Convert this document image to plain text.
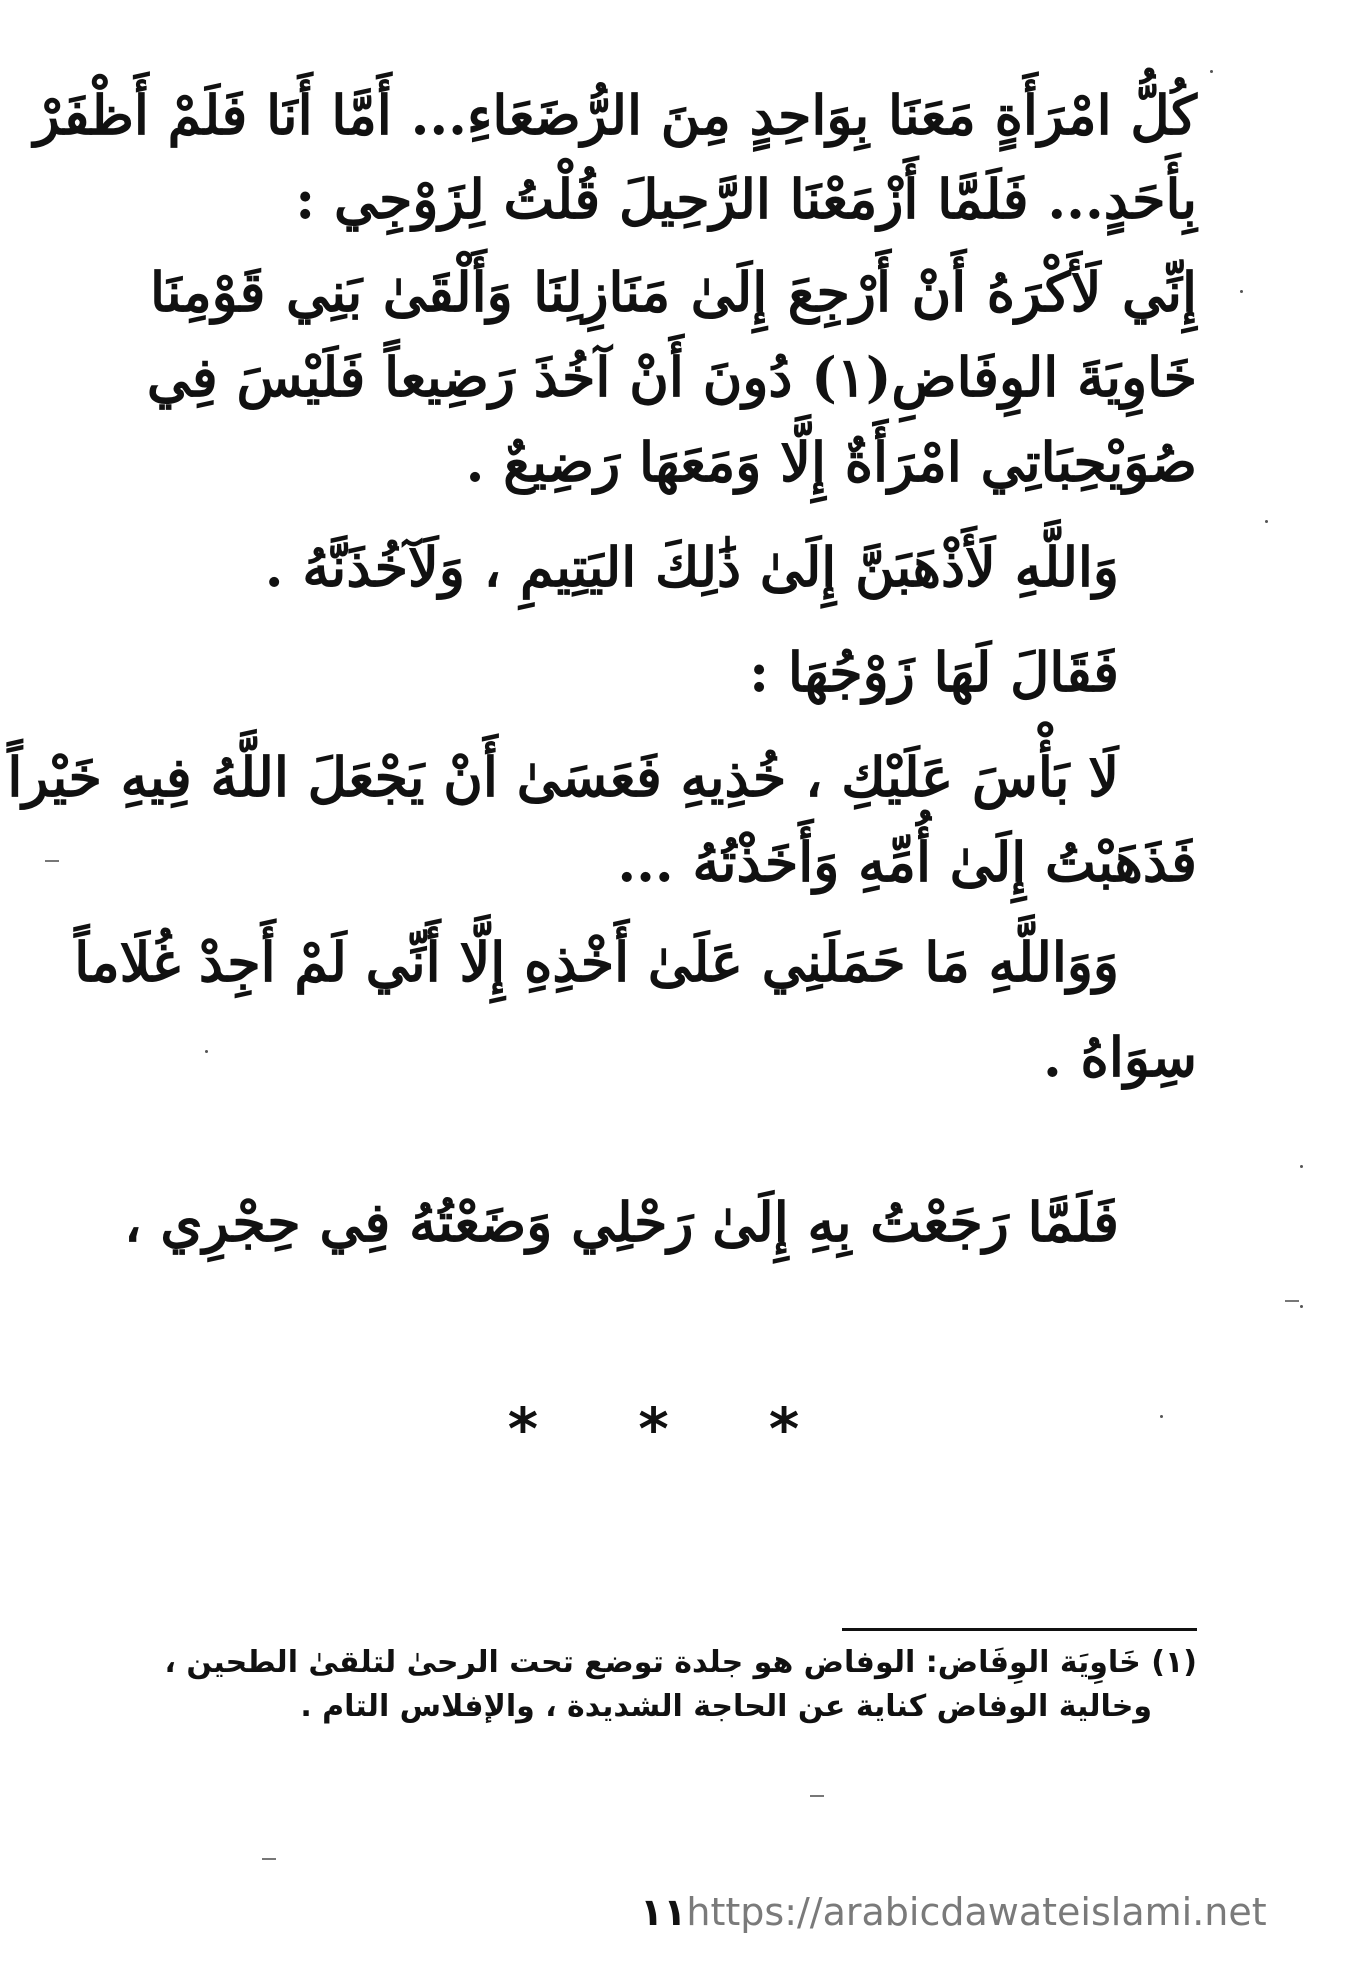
كُلُّ امْرَأَةٍ مَعَنَا بِوَاحِدٍ مِنَ الرُّضَعَاءِ... أَمَّا أَنَا فَلَمْ أَظْفَرْ
بِأَحَدٍ... فَلَمَّا أَزْمَعْنَا الرَّحِيلَ قُلْتُ لِزَوْجِي :
إِنِّي لَأَكْرَهُ أَنْ أَرْجِعَ إِلَىٰ مَنَازِلِنَا وَأَلْقَىٰ بَنِي قَوْمِنَا
خَاوِيَةَ الوِفَاضِ(١) دُونَ أَنْ آخُذَ رَضِيعاً فَلَيْسَ فِي
صُوَيْحِبَاتِي امْرَأَةٌ إِلَّا وَمَعَهَا رَضِيعٌ .
وَاللَّهِ لَأَذْهَبَنَّ إِلَىٰ ذَٰلِكَ اليَتِيمِ ، وَلَآخُذَنَّهُ .
فَقَالَ لَهَا زَوْجُهَا :
لَا بَأْسَ عَلَيْكِ ، خُذِيهِ فَعَسَىٰ أَنْ يَجْعَلَ اللَّهُ فِيهِ خَيْراً
فَذَهَبْتُ إِلَىٰ أُمِّهِ وَأَخَذْتُهُ ...
وَوَاللَّهِ مَا حَمَلَنِي عَلَىٰ أَخْذِهِ إِلَّا أَنِّي لَمْ أَجِدْ غُلَاماً
سِوَاهُ .
* * *
فَلَمَّا رَجَعْتُ بِهِ إِلَىٰ رَحْلِي وَضَعْتُهُ فِي حِجْرِي ،
(١) خَاوِيَة الوِفَاض: الوفاض هو جلدة توضع تحت الرحىٰ لتلقىٰ الطحين ،
وخالية الوفاض كناية عن الحاجة الشديدة ، والإفلاس التام .
١١https://arabicdawateislami.net
